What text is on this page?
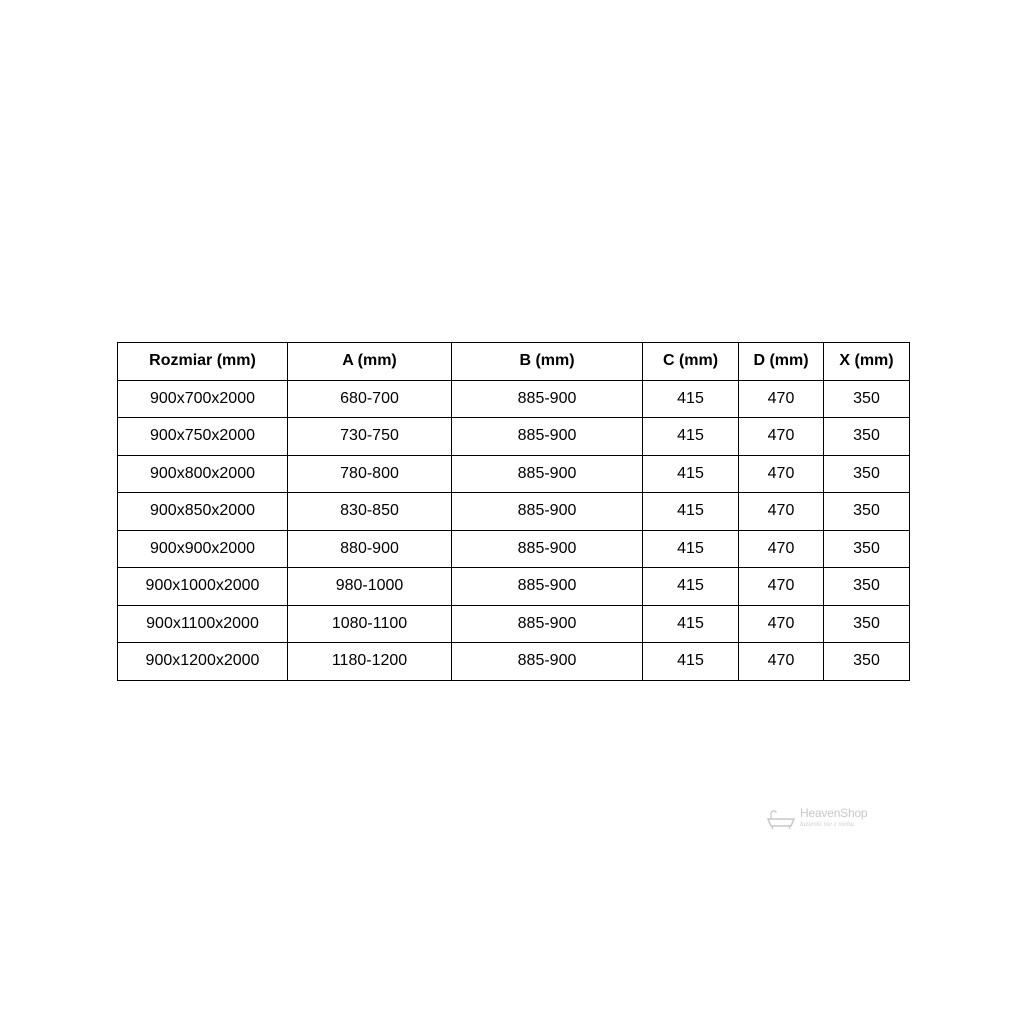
Rozmiar (mm)	A (mm)	B (mm)	C (mm)	D (mm)	X (mm)
900x700x2000	680-700	885-900	415	470	350
900x750x2000	730-750	885-900	415	470	350
900x800x2000	780-800	885-900	415	470	350
900x850x2000	830-850	885-900	415	470	350
900x900x2000	880-900	885-900	415	470	350
900x1000x2000	980-1000	885-900	415	470	350
900x1100x2000	1080-1100	885-900	415	470	350
900x1200x2000	1180-1200	885-900	415	470	350
HeavenShop
łazienki nie z nieba
